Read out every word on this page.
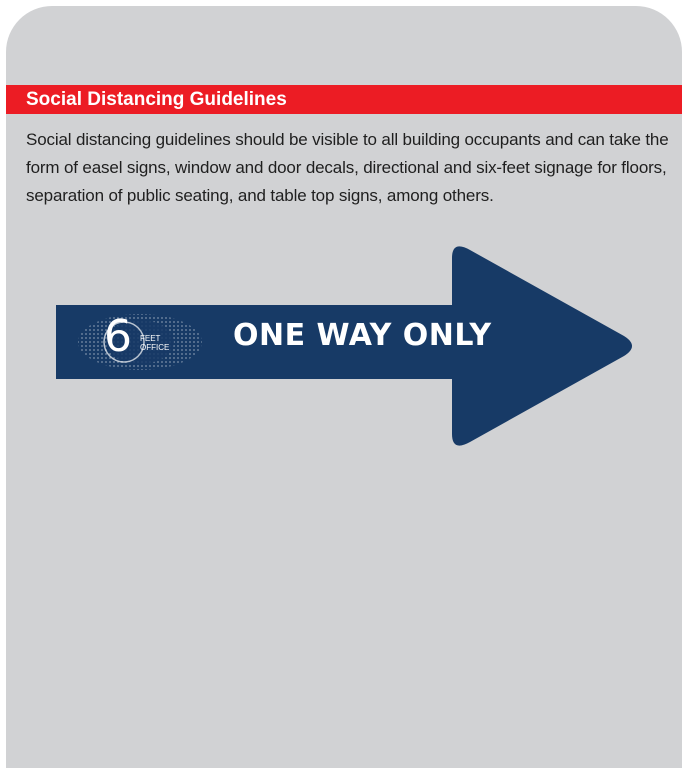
Social Distancing Guidelines
Social distancing guidelines should be visible to all building occupants and can take the form of easel signs, window and door decals, directional and six-feet signage for floors, separation of public seating, and table top signs, among others.
6 FEET
OFFICE ONE WAY ONLY
